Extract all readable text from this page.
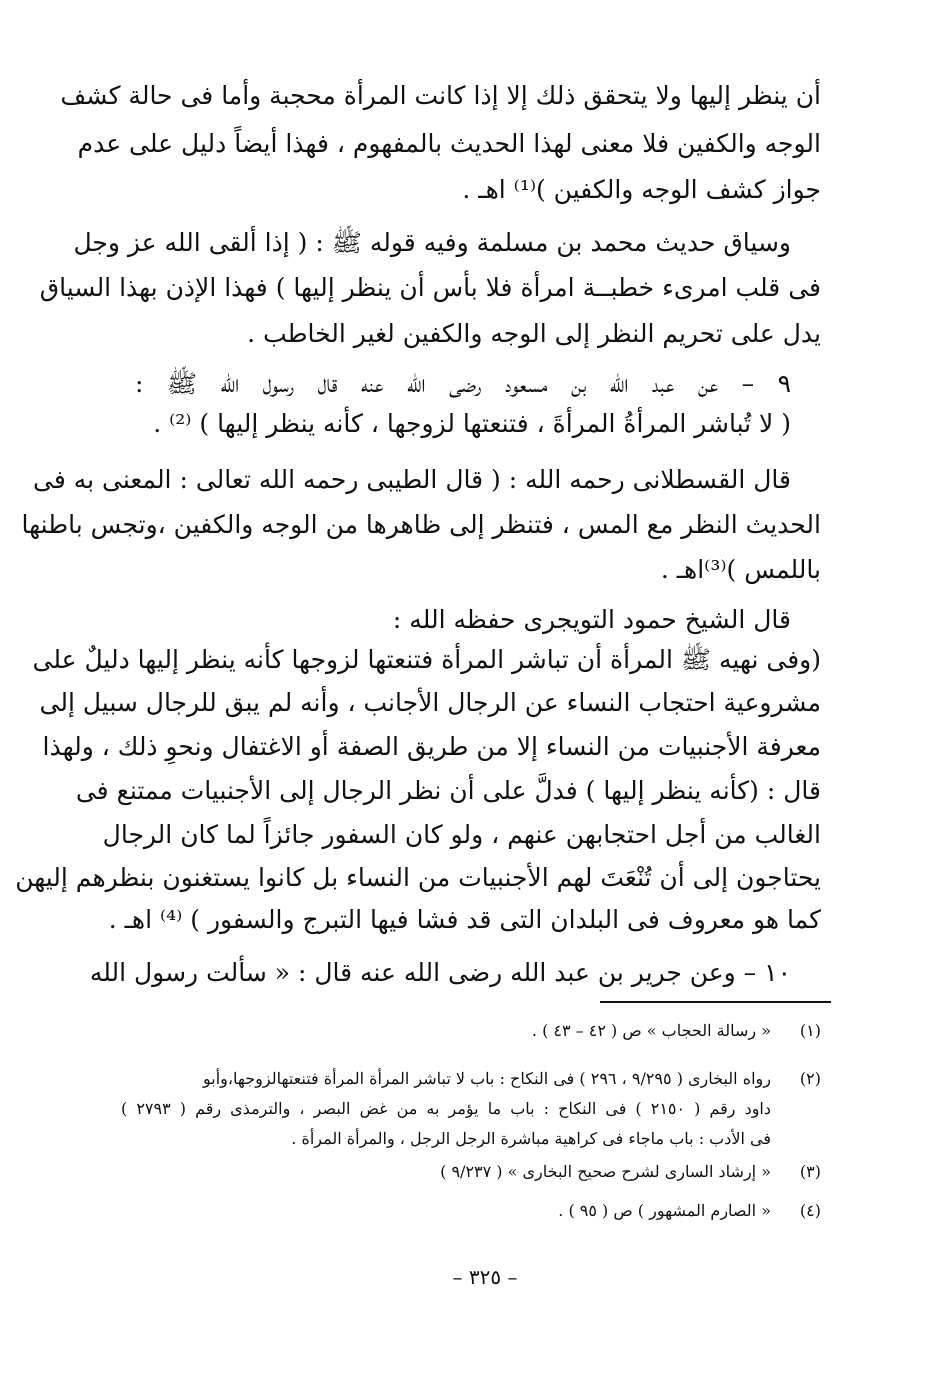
أن ينظر إليها ولا يتحقق ذلك إلا إذا كانت المرأة محجبة وأما فى حالة كشف
الوجه والكفين فلا معنى لهذا الحديث بالمفهوم ، فهذا أيضاً دليل على عدم
جواز كشف الوجه والكفين )⁽¹⁾ اهـ .
وسياق حديث محمد بن مسلمة وفيه قوله ﷺ : ( إذا ألقى الله عز وجل
فى قلب امرىء خطبــة امرأة فلا بأس أن ينظر إليها ) فهذا الإذن بهذا السياق
يدل على تحريم النظر إلى الوجه والكفين لغير الخاطب .
٩ – عن عبد الله بن مسعود رضى الله عنه قال رسول الله ﷺ :
( لا تُباشر المرأةُ المرأةَ ، فتنعتها لزوجها ، كأنه ينظر إليها ) ⁽²⁾ .
قال القسطلانى رحمه الله : ( قال الطيبى رحمه الله تعالى : المعنى به فى
الحديث النظر مع المس ، فتنظر إلى ظاهرها من الوجه والكفين ،وتجس باطنها
باللمس )⁽³⁾اهـ .
قال الشيخ حمود التويجرى حفظه الله :
(وفى نهيه ﷺ المرأة أن تباشر المرأة فتنعتها لزوجها كأنه ينظر إليها دليلٌ على
مشروعية احتجاب النساء عن الرجال الأجانب ، وأنه لم يبق للرجال سبيل إلى
معرفة الأجنبيات من النساء إلا من طريق الصفة أو الاغتفال ونحوِ ذلك ، ولهذا
قال : (كأنه ينظر إليها ) فدلَّ على أن نظر الرجال إلى الأجنبيات ممتنع فى
الغالب من أجل احتجابهن عنهم ، ولو كان السفور جائزاً لما كان الرجال
يحتاجون إلى أن تُنْعَتَ لهم الأجنبيات من النساء بل كانوا يستغنون بنظرهم إليهن
كما هو معروف فى البلدان التى قد فشا فيها التبرج والسفور ) ⁽⁴⁾ اهـ .
١٠ – وعن جرير بن عبد الله رضى الله عنه قال : « سألت رسول الله
(١)
« رسالة الحجاب » ص ( ٤٢ – ٤٣ ) .
(٢)
رواه البخارى ( ٩/٢٩٥ ، ٢٩٦ ) فى النكاح : باب لا تباشر المرأة المرأة فتنعتهالزوجها،وأبو
داود رقم ( ٢١٥٠ ) فى النكاح : باب ما يؤمر به من غض البصر ، والترمذى رقم ( ٢٧٩٣ )
فى الأدب : باب ماجاء فى كراهية مباشرة الرجل الرجل ، والمرأة المرأة .
(٣)
« إرشاد السارى لشرح صحيح البخارى » ( ٩/٢٣٧ )
(٤)
« الصارم المشهور ) ص ( ٩٥ ) .
– ٣٢٥ –
